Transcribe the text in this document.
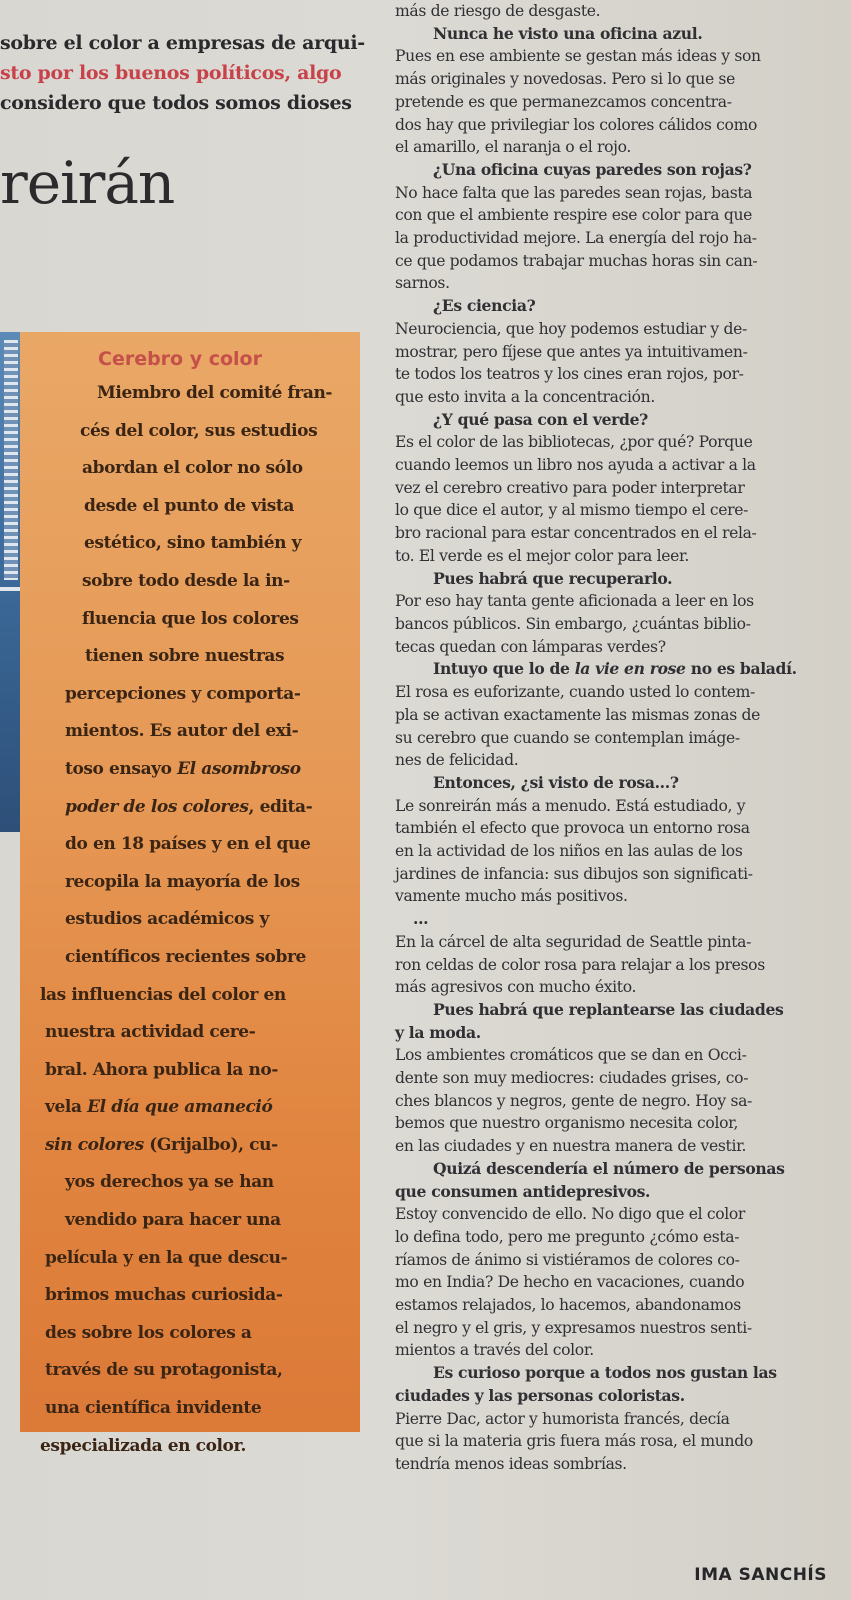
sobre el color a empresas de arqui-
sto por los buenos políticos, algo
considero que todos somos dioses
reirán
Cerebro y color
Miembro del comité fran-
cés del color, sus estudios
abordan el color no sólo
desde el punto de vista
estético, sino también y
sobre todo desde la in-
fluencia que los colores
tienen sobre nuestras
percepciones y comporta-
mientos. Es autor del exi-
toso ensayo El asombroso
poder de los colores, edita-
do en 18 países y en el que
recopila la mayoría de los
estudios académicos y
científicos recientes sobre
las influencias del color en
nuestra actividad cere-
bral. Ahora publica la no-
vela El día que amaneció
sin colores (Grijalbo), cu-
yos derechos ya se han
vendido para hacer una
película y en la que descu-
brimos muchas curiosida-
des sobre los colores a
través de su protagonista,
una científica invidente
especializada en color.
más de riesgo de desgaste.
Nunca he visto una oficina azul.
Pues en ese ambiente se gestan más ideas y son
más originales y novedosas. Pero si lo que se
pretende es que permanezcamos concentra-
dos hay que privilegiar los colores cálidos como
el amarillo, el naranja o el rojo.
¿Una oficina cuyas paredes son rojas?
No hace falta que las paredes sean rojas, basta
con que el ambiente respire ese color para que
la productividad mejore. La energía del rojo ha-
ce que podamos trabajar muchas horas sin can-
sarnos.
¿Es ciencia?
Neurociencia, que hoy podemos estudiar y de-
mostrar, pero fíjese que antes ya intuitivamen-
te todos los teatros y los cines eran rojos, por-
que esto invita a la concentración.
¿Y qué pasa con el verde?
Es el color de las bibliotecas, ¿por qué? Porque
cuando leemos un libro nos ayuda a activar a la
vez el cerebro creativo para poder interpretar
lo que dice el autor, y al mismo tiempo el cere-
bro racional para estar concentrados en el rela-
to. El verde es el mejor color para leer.
Pues habrá que recuperarlo.
Por eso hay tanta gente aficionada a leer en los
bancos públicos. Sin embargo, ¿cuántas biblio-
tecas quedan con lámparas verdes?
Intuyo que lo de la vie en rose no es baladí.
El rosa es euforizante, cuando usted lo contem-
pla se activan exactamente las mismas zonas de
su cerebro que cuando se contemplan imáge-
nes de felicidad.
Entonces, ¿si visto de rosa...?
Le sonreirán más a menudo. Está estudiado, y
también el efecto que provoca un entorno rosa
en la actividad de los niños en las aulas de los
jardines de infancia: sus dibujos son significati-
vamente mucho más positivos.
...
En la cárcel de alta seguridad de Seattle pinta-
ron celdas de color rosa para relajar a los presos
más agresivos con mucho éxito.
Pues habrá que replantearse las ciudades
y la moda.
Los ambientes cromáticos que se dan en Occi-
dente son muy mediocres: ciudades grises, co-
ches blancos y negros, gente de negro. Hoy sa-
bemos que nuestro organismo necesita color,
en las ciudades y en nuestra manera de vestir.
Quizá descendería el número de personas
que consumen antidepresivos.
Estoy convencido de ello. No digo que el color
lo defina todo, pero me pregunto ¿cómo esta-
ríamos de ánimo si vistiéramos de colores co-
mo en India? De hecho en vacaciones, cuando
estamos relajados, lo hacemos, abandonamos
el negro y el gris, y expresamos nuestros senti-
mientos a través del color.
Es curioso porque a todos nos gustan las
ciudades y las personas coloristas.
Pierre Dac, actor y humorista francés, decía
que si la materia gris fuera más rosa, el mundo
tendría menos ideas sombrías.
IMA SANCHÍS
